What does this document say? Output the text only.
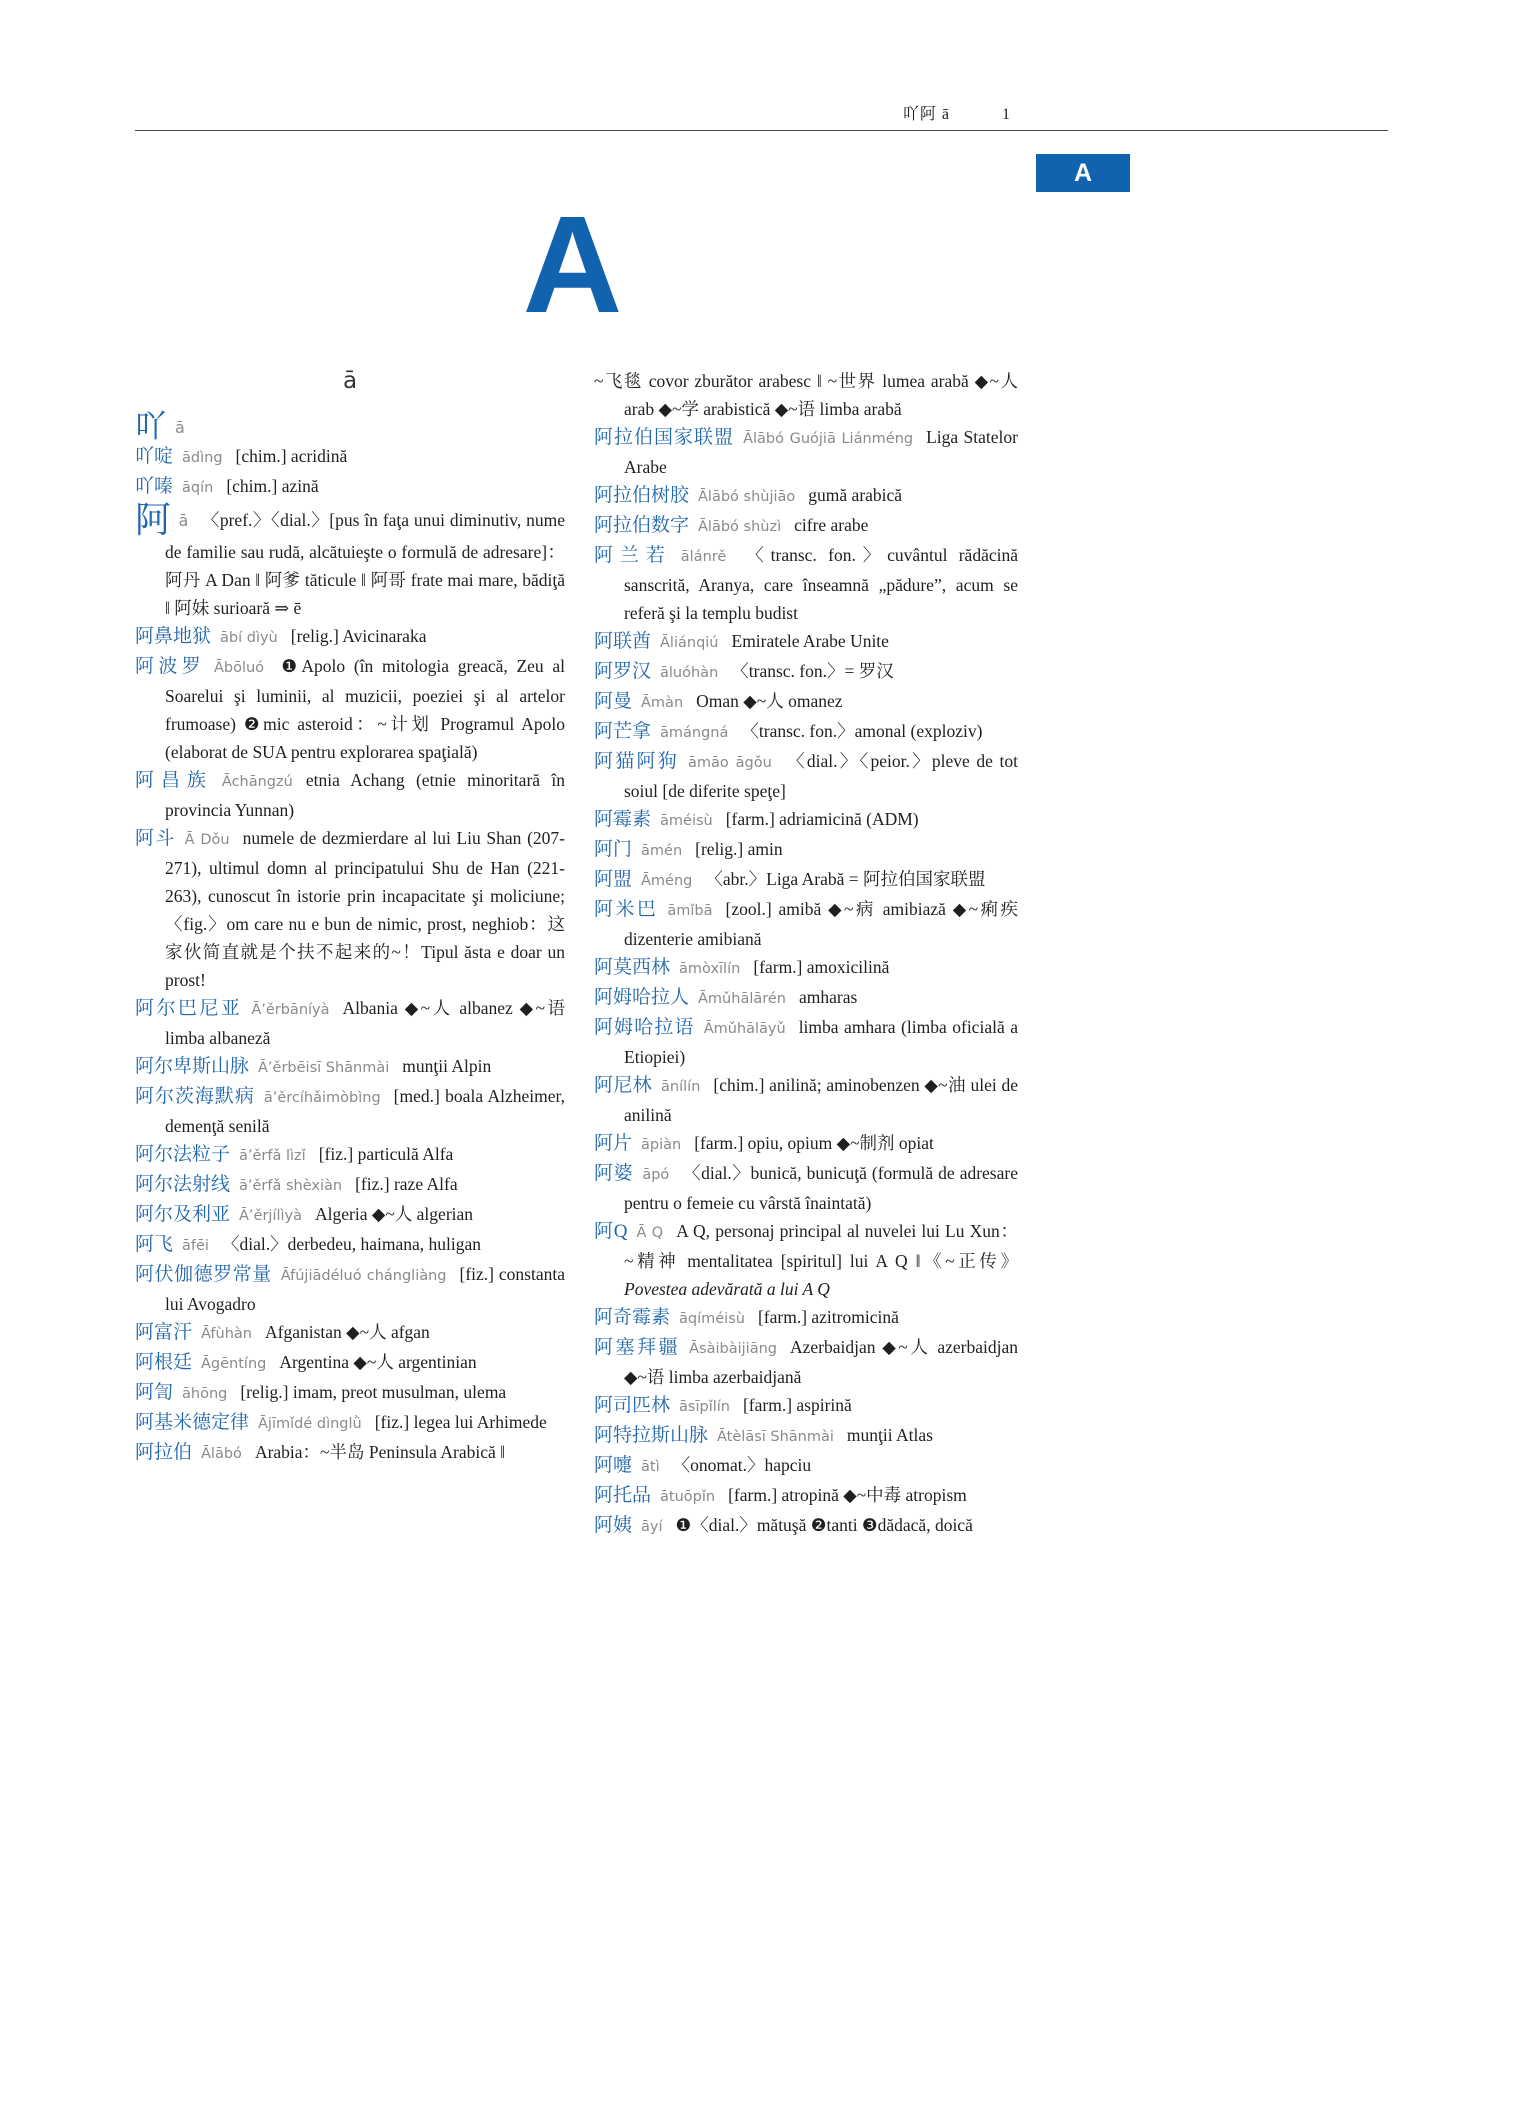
吖阿 ā	1
A
A
ā

吖ā

吖啶 ādìng [chim.] acridină

吖嗪 āqín [chim.] azină

阿ā 〈pref.〉〈dial.〉[pus în faţa unui diminutiv, nume de familie sau rudă, alcătuieşte o formulă de adresare]：阿丹 A Dan ‖ 阿爹 tăticule ‖ 阿哥 frate mai mare, bădiţă ‖ 阿妹 surioară ⇒ ē

阿鼻地狱 ābí dìyù [relig.] Avicinaraka

阿波罗 Ābōluó ❶Apolo (în mitologia greacă, Zeu al Soarelui şi luminii, al muzicii, poeziei şi al artelor frumoase) ❷mic asteroid：~计划 Programul Apolo (elaborat de SUA pentru explorarea spaţială)

阿昌族 Āchāngzú etnia Achang (etnie minoritară în provincia Yunnan)

阿斗 Ā Dǒu numele de dezmierdare al lui Liu Shan (207-271), ultimul domn al principatului Shu de Han (221-263), cunoscut în istorie prin incapacitate şi moliciune; 〈fig.〉om care nu e bun de nimic, prost, neghiob：这家伙简直就是个扶不起来的~！Tipul ăsta e doar un prost!

阿尔巴尼亚 Ā’ěrbāníyà Albania ◆~人 albanez ◆~语 limba albaneză

阿尔卑斯山脉 Ā’ěrbēisī Shānmài munţii Alpin

阿尔茨海默病 ā’ěrcíhǎimòbìng [med.] boala Alzheimer, demenţă senilă

阿尔法粒子 ā’ěrfǎ lìzǐ [fiz.] particulă Alfa

阿尔法射线 ā’ěrfǎ shèxiàn [fiz.] raze Alfa

阿尔及利亚 Ā’ěrjílìyà Algeria ◆~人 algerian

阿飞 āfēi 〈dial.〉derbedeu, haimana, huligan

阿伏伽德罗常量 Āfújiādéluó chángliàng [fiz.] constanta lui Avogadro

阿富汗 Āfùhàn Afganistan ◆~人 afgan

阿根廷 Āgēntíng Argentina ◆~人 argentinian

阿訇 āhōng [relig.] imam, preot musulman, ulema

阿基米德定律 Ājīmǐdé dìnglǜ [fiz.] legea lui Arhimede

阿拉伯 Ālābó Arabia：~半岛 Peninsula Arabică ‖

~飞毯 covor zburător arabesc ‖ ~世界 lumea arabă ◆~人 arab ◆~学 arabistică ◆~语 limba arabă

阿拉伯国家联盟 Ālābó Guójiā Liánméng Liga Statelor Arabe

阿拉伯树胶 Ālābó shùjiāo gumă arabică

阿拉伯数字 Ālābó shùzì cifre arabe

阿兰若 ālánrě 〈transc. fon.〉cuvântul rădăcină sanscrită, Aranya, care înseamnă „pădure”, acum se referă şi la templu budist

阿联酋 Āliánqiú Emiratele Arabe Unite

阿罗汉 āluóhàn 〈transc. fon.〉= 罗汉

阿曼 Āmàn Oman ◆~人 omanez

阿芒拿 āmángná 〈transc. fon.〉amonal (exploziv)

阿猫阿狗 āmāo āgǒu 〈dial.〉〈peior.〉pleve de tot soiul [de diferite speţe]

阿霉素 āméisù [farm.] adriamicină (ADM)

阿门 āmén [relig.] amin

阿盟 Āméng 〈abr.〉Liga Arabă = 阿拉伯国家联盟

阿米巴 āmǐbā [zool.] amibă ◆~病 amibiază ◆~痢疾 dizenterie amibiană

阿莫西林 āmòxīlín [farm.] amoxicilină

阿姆哈拉人 Āmǔhālārén amharas

阿姆哈拉语 Āmǔhālāyǔ limba amhara (limba oficială a Etiopiei)

阿尼林 ānílín [chim.] anilină; aminobenzen ◆~油 ulei de anilină

阿片 āpiàn [farm.] opiu, opium ◆~制剂 opiat

阿婆 āpó 〈dial.〉bunică, bunicuţă (formulă de adresare pentru o femeie cu vârstă înaintată)

阿Q Ā Q A Q, personaj principal al nuvelei lui Lu Xun：~精神 mentalitatea [spiritul] lui A Q ‖《~正传》Povestea adevărată a lui A Q

阿奇霉素 āqíméisù [farm.] azitromicină

阿塞拜疆 Āsàibàijiāng Azerbaidjan ◆~人 azerbaidjan ◆~语 limba azerbaidjană

阿司匹林 āsīpǐlín [farm.] aspirină

阿特拉斯山脉 Ātèlāsī Shānmài munţii Atlas

阿嚏 ātì 〈onomat.〉hapciu

阿托品 ātuōpǐn [farm.] atropină ◆~中毒 atropism

阿姨 āyí ❶〈dial.〉mătuşă ❷tanti ❸dădacă, doică
